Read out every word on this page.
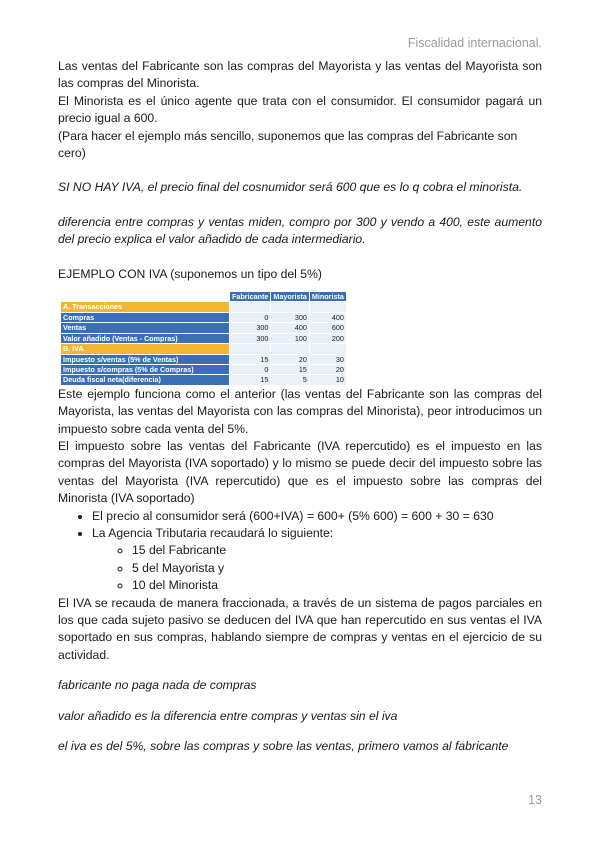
Fiscalidad internacional.

Las ventas del Fabricante son las compras del Mayorista y las ventas del Mayorista son las compras del Minorista.

El Minorista es el único agente que trata con el consumidor. El consumidor pagará un precio igual a 600.

(Para hacer el ejemplo más sencillo, suponemos que las compras del Fabricante son cero)

SI NO HAY IVA, el precio final del cosnumidor será 600 que es lo q cobra el minorista.

diferencia entre compras y ventas miden, compro por 300 y vendo a 400, este aumento del precio explica el valor añadido de cada intermediario.

EJEMPLO CON IVA (suponemos un tipo del 5%)

	Fabricante	Mayorista	Minorista
A. Transacciones			
Compras	0	300	400
Ventas	300	400	600
Valor añadido (Ventas - Compras)	300	100	200
B. IVA			
Impuesto s/ventas (5% de Ventas)	15	20	30
Impuesto s/compras (5% de Compras)	0	15	20
Deuda fiscal neta(diferencia)	15	5	10

Este ejemplo funciona como el anterior (las ventas del Fabricante son las compras del Mayorista, las ventas del Mayorista con las compras del Minorista), peor introducimos un impuesto sobre cada venta del 5%.

El impuesto sobre las ventas del Fabricante (IVA repercutido) es el impuesto en las compras del Mayorista (IVA soportado) y lo mismo se puede decir del impuesto sobre las ventas del Mayorista (IVA repercutido) que es el impuesto sobre las compras del Minorista (IVA soportado)

• El precio al consumidor será (600+IVA) = 600+ (5% 600) = 600 + 30 = 630
• La Agencia Tributaria recaudará lo siguiente:
◦ 15 del Fabricante
◦ 5 del Mayorista y
◦ 10 del Minorista

El IVA se recauda de manera fraccionada, a través de un sistema de pagos parciales en los que cada sujeto pasivo se deducen del IVA que han repercutido en sus ventas el IVA soportado en sus compras, hablando siempre de compras y ventas en el ejercicio de su actividad.

fabricante no paga nada de compras

valor añadido es la diferencia entre compras y ventas sin el iva

el iva es del 5%, sobre las compras y sobre las ventas, primero vamos al fabricante

13
